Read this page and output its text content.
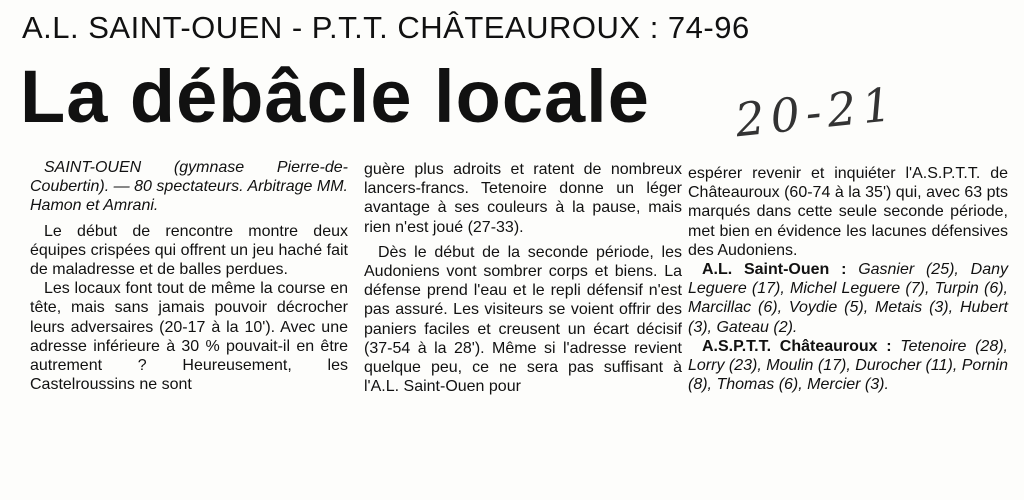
A.L. SAINT-OUEN - P.T.T. CHÂTEAUROUX : 74-96
La débâcle locale 20-21

SAINT-OUEN (gymnase Pierre-de-Coubertin). — 80 spectateurs. Arbitrage MM. Hamon et Amrani.

Le début de rencontre montre deux équipes crispées qui offrent un jeu haché fait de maladresse et de balles perdues.

Les locaux font tout de même la course en tête, mais sans jamais pouvoir décrocher leurs adversaires (20-17 à la 10'). Avec une adresse inférieure à 30 % pouvait-il en être autrement ? Heureusement, les Castelroussins ne sont

guère plus adroits et ratent de nombreux lancers-francs. Tetenoire donne un léger avantage à ses couleurs à la pause, mais rien n'est joué (27-33).

Dès le début de la seconde période, les Audoniens vont sombrer corps et biens. La défense prend l'eau et le repli défensif n'est pas assuré. Les visiteurs se voient offrir des paniers faciles et creusent un écart décisif (37-54 à la 28'). Même si l'adresse revient quelque peu, ce ne sera pas suffisant à l'A.L. Saint-Ouen pour

espérer revenir et inquiéter l'A.S.P.T.T. de Châteauroux (60-74 à la 35') qui, avec 63 pts marqués dans cette seule seconde période, met bien en évidence les lacunes défensives des Audoniens.

A.L. Saint-Ouen : Gasnier (25), Dany Leguere (17), Michel Leguere (7), Turpin (6), Marcillac (6), Voydie (5), Metais (3), Hubert (3), Gateau (2).

A.S.P.T.T. Châteauroux : Tetenoire (28), Lorry (23), Moulin (17), Durocher (11), Pornin (8), Thomas (6), Mercier (3).
